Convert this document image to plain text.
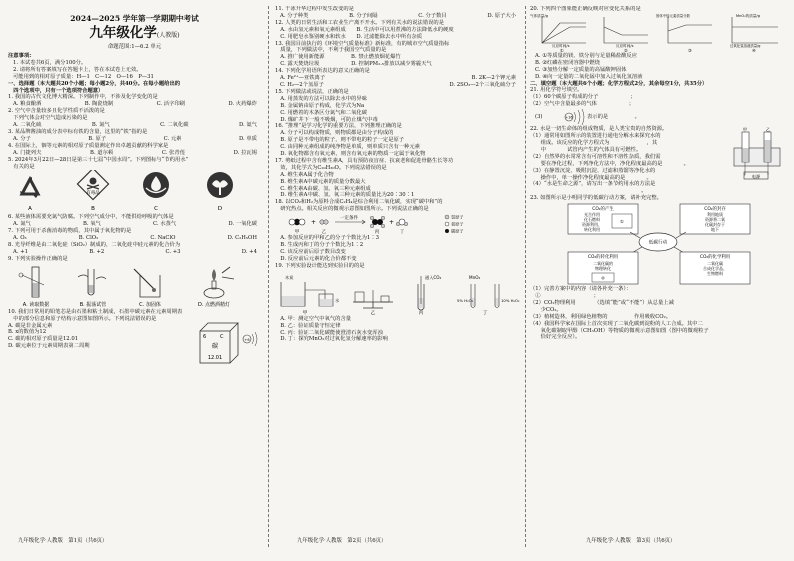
2024—2025 学年第一学期期中考试

九年级化学(人教版)

命题范围:1—6.2 单元

注意事项:

1. 本试卷共6页，满分100分。

2. 请将所有答案填写在答题卡上，答在本试卷上无效。

可能用到的相对原子质量：H—1　C—12　O—16　P—31

一、选择题（本大题共20个小题；每小题2分，共40分。在每小题给出的

　四个选项中，只有一个选项符合题意）

1. 我国的古代文化博大精深。下列制作中，不涉及化学变化的是

A. 粮食酿酒	B. 陶瓷烧制	C. 活字印刷	D. 火药爆炸

2. 空气中含量较多且化学性质不活泼的是

　下列气体会对空气造成污染的是

A. 二氧化硫	B. 氮气	C. 二氧化碳	D. 氦气

3. 某品牌酱油的成分表中标有铁的含量，这里的“铁”指的是

A. 分子	B. 原子	C. 元素	D. 单质

4. 在国际上，铟等元素的相对原子质量测定作出卓越贡献的科学家是

A. 门捷列夫	B. 道尔顿	C. 张青莲	D. 拉瓦锡

5. 2024年3月22日—28日是第三十七届“中国水周”。下列图标与“节约用水”

　有关的是

有毒品
A	B	C	D

6. 某些液体需要充氮气防腐。下列空气成分中，不能供给呼吸的气体是

A. 氮气	B. 氧气	C. 水蒸气	D. 一氧化碳

7. 下列可用于杀菌消毒的物质，其中属于氧化物的是

A. O₃	B. ClO₂	C. NaClO	D. C₂H₅OH

8. 光导纤维是由二氧化硅（SiO₂）制成的，二氧化硅中硅元素的化合价为

A. +1	B. +2	C. +3	D. +4

9. 下列实验操作正确的是

A. 读取数据	B. 振荡试管	C. 加固体	D. 点燃酒精灯

10. 我们日常用的铅笔芯是由石墨和粘土制成，石墨中碳元素在元素周期表

　中的部分信息和原子结构示意图如图所示。下列说法错误的是

A. 碳是非金属元素

B. x的数值为12

C. 碳的相对原子质量是12.01

D. 碳元素位于元素周期表第二周期

6	C
碳
12.01
+6
九年级化学·人教版　第1页（共6页）

11. 干冰升华过程中发生改变的是

A. 分子种类	B. 分子间隔	C. 分子数目	D. 原子大小

12. 人类的日常生活和工农业生产离不开水。下列有关水的说法错误的是

　A. 水由氢元素和氧元素组成　　B. 生活中可以用煮沸的方法降低水的硬度

　C. 用肥皂水鉴别硬水和软水　　D. 过滤能除去水中所有杂质

13. 我国目前执行的《环境空气质量标准》新标准，有的城市空气质量指标

　质量，下列做法中，不利于我国空气质量的是

　A. 推广使用新能源　　　　　B. 禁止燃放烟花爆竹

　C. 露天焚烧垃圾　　　　　　D. 控制PM₂.₅排放以减少雾霾天气

14. 下列化学用语所表达的意义正确的是

A. Fe²⁺—亚铁离子	B. 2K—2个钾元素
C. H₂—2个氢原子	D. 2SO₃—2个三氧化硫分子

15. 下列做法或说法，正确的是

　A. 用蒸发的方法可以除去水中的异味

　B. 金属钠由原子构成，化学式为Na

　C. 用燃着的木条区分氮气和二氧化碳

　D. 煤矿井下一般不吸烟，可防止煤气中毒

16. “推理”是学习化学的重要方法，下列推理正确的是

　A. 分子可以构成物质，则物质都是由分子构成的

　B. 原子是不带电的粒子，则不带电的粒子一定是原子

　C. 由同种元素组成的纯净物是单质，则单质只含有一种元素

　D. 氧化物都含有氧元素，则含有氧元素的物质一定属于氧化物

17. 剪纸过程中含有维生素A，具有预防夜盲症、抗衰老和促进骨骼生长等功

　效，其化学式为C₂₀H₃₀O。下列说法错误的是

　A. 维生素A属于化合物

　B. 维生素A中碳元素的质量分数最大

　C. 维生素A由碳、氢、氧三种元素组成

　D. 维生素A中碳、氢、氧三种元素的质量比为20∶30∶1

18. 以CO₂和H₂为原料合成C₂H₄是综合利用二氧化碳，实现“碳中和”的

　研究热点。相关反应的微观示意图如图所示。下列说法正确的是

+
一定条件
+
甲	乙	丙	丁
氢原子
氧原子
碳原子

　A. 参加反应的甲和乙的分子个数比为1∶3

　B. 生成丙和丁的分子个数比为1∶2

　C. 该反应前后原子数目改变

　D. 反应前后元素的化合价都不变

19. 下列实验设计能达到实验目的的是

木炭
水
通入CO₂	MnO₂
5% H₂O₂	10% H₂O₂
甲	乙	丙	丁

　A. 甲：测定空气中氧气的含量

　B. 乙：验证质量守恒定律

　C. 丙：验证二氧化碳能使澄清石灰水变浑浊

　D. 丁：探究MnO₂对过氧化氢分解速率的影响

九年级化学·人教版　第2页（共6页）

20. 下列四个图象能正确反映对应变化关系的是

气体质量/g
反应时间/s
①
反应时间/s
②
固体中锰元素质量分数
③
MnO₂的质量/g
过氧化氢溶液质量/g
④

A. ①等质量的镁、铁分别与足量稀盐酸反应

B. ②红磷在密闭容器中燃烧

C. ③加热分解一定质量的高锰酸钾固体

D. ④向一定量的二氧化锰中加入过氧化氢溶液

二、填空题（本大题共6个小题；化学方程式2分，其余每空1分，共35分）

21. 用化学符号填空。

（1）60个碳原子构成的分子　　　　　　；

（2）空气中含量最多的气体　　　　　　；

(3)	+16	表示的是　　　　　。

22. 水是一切生命体的组成物质，是人类宝贵的自然资源。

（1）通常用如图所示的装置进行通电分解水来探究水的

　　组成。该反应的化学方程式为　　　　　　　，其

　　中　　　　试管内产生的气体具有可燃性。

（2）自然界的水常常含有可溶性和不溶性杂质，我们需

　　要在净化过程，下列净化方法中，净化程度最高的是　　　　。

（3）在静置沉淀、吸附沉淀、过滤和蒸馏等净化水的

　　操作中，单一操作净化程度最高的是　　　　。

（4）“水是生命之源”，请写出一条节约用水的方法是

　　　　　　　　　　　　　　　　　　　　　。

甲	乙
电源

23. 如图所示是小明同学的低碳行动方案，请补充完整。

CO₂的产生
光合作用
化石燃料
资源利用、
转化利用
①
CO₂的封存
利用地质
资源将二氧
化碳封存于
地下
低碳行动
CO₂的转化利用
二氧化碳的
物理转化
②
CO₂的化学利用
二氧化碳
合成化学品、
生物燃料

（1）完善方案中的内容（请各补充一条）：

　①　　　　　　　　　　；

（2）CO₂物理利用　　　　（选填“能”或“不能”）从总量上减

　　少CO₂。

（3）植树造林，利用绿色植物的　　　　　作用吸收CO₂。

（4）我国科学家在国际上首次实现了二氧化碳到淀粉的人工合成。其中二

　　氧化碳制取甲醇（CH₃OH）等物质的微观示意图如图（图中的微观粒子

　　恰好完全反应）。

九年级化学·人教版　第3页（共6页）
